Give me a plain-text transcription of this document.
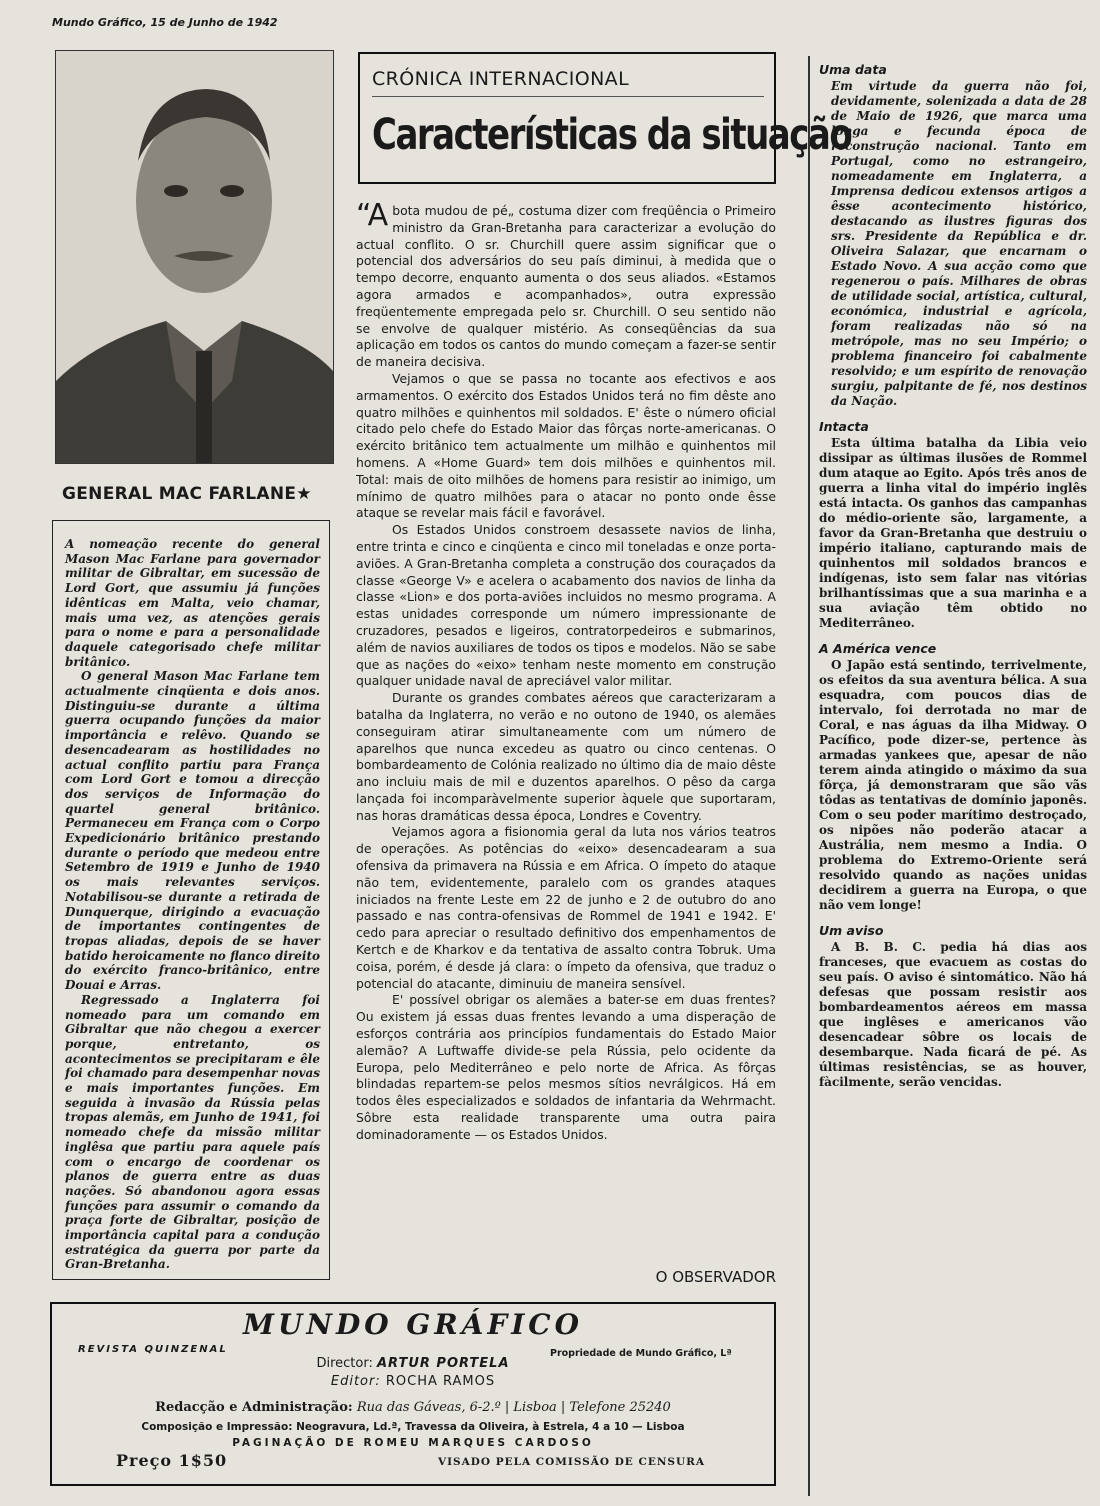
Mundo Gráfico, 15 de Junho de 1942
GENERAL MAC FARLANE★

A nomeação recente do general Mason Mac Farlane para governador militar de Gibraltar, em sucessão de Lord Gort, que assumiu já funções idênticas em Malta, veio chamar, mais uma vez, as atenções gerais para o nome e para a personalidade daquele categorisado chefe militar britânico.

O general Mason Mac Farlane tem actualmente cinqüenta e dois anos. Distinguiu-se durante a última guerra ocupando funções da maior importância e relêvo. Quando se desencadearam as hostilidades no actual conflito partiu para França com Lord Gort e tomou a direcção dos serviços de Informação do quartel general britânico. Permaneceu em França com o Corpo Expedicionário britânico prestando durante o período que medeou entre Setembro de 1919 e Junho de 1940 os mais relevantes serviços. Notabilisou-se durante a retirada de Dunquerque, dirigindo a evacuação de importantes contingentes de tropas aliadas, depois de se haver batido heroicamente no flanco direito do exército franco-britânico, entre Douai e Arras.

Regressado a Inglaterra foi nomeado para um comando em Gibraltar que não chegou a exercer porque, entretanto, os acontecimentos se precipitaram e êle foi chamado para desempenhar novas e mais importantes funções. Em seguida à invasão da Rússia pelas tropas alemãs, em Junho de 1941, foi nomeado chefe da missão militar inglêsa que partiu para aquele país com o encargo de coordenar os planos de guerra entre as duas nações. Só abandonou agora essas funções para assumir o comando da praça forte de Gibraltar, posição de importância capital para a condução estratégica da guerra por parte da Gran-Bretanha.

CRÓNICA INTERNACIONAL
Características da situação

“Abota mudou de pé„ costuma dizer com freqüência o Primeiro ministro da Gran-Bretanha para caracterizar a evolução do actual conflito. O sr. Churchill quere assim significar que o potencial dos adversários do seu país diminui, à medida que o tempo decorre, enquanto aumenta o dos seus aliados. «Estamos agora armados e acompanhados», outra expressão freqüentemente empregada pelo sr. Churchill. O seu sentido não se envolve de qualquer mistério. As conseqüências da sua aplicação em todos os cantos do mundo começam a fazer-se sentir de maneira decisiva.

Vejamos o que se passa no tocante aos efectivos e aos armamentos. O exército dos Estados Unidos terá no fim dêste ano quatro milhões e quinhentos mil soldados. E' êste o número oficial citado pelo chefe do Estado Maior das fôrças norte-americanas. O exército britânico tem actualmente um milhão e quinhentos mil homens. A «Home Guard» tem dois milhões e quinhentos mil. Total: mais de oito milhões de homens para resistir ao inimigo, um mínimo de quatro milhões para o atacar no ponto onde êsse ataque se revelar mais fácil e favorável.

Os Estados Unidos constroem desassete navios de linha, entre trinta e cinco e cinqüenta e cinco mil toneladas e onze porta-aviões. A Gran-Bretanha completa a construção dos couraçados da classe «George V» e acelera o acabamento dos navios de linha da classe «Lion» e dos porta-aviões incluidos no mesmo programa. A estas unidades corresponde um número impressionante de cruzadores, pesados e ligeiros, contratorpedeiros e submarinos, além de navios auxiliares de todos os tipos e modelos. Não se sabe que as nações do «eixo» tenham neste momento em construção qualquer unidade naval de apreciável valor militar.

Durante os grandes combates aéreos que caracterizaram a batalha da Inglaterra, no verão e no outono de 1940, os alemães conseguiram atirar simultaneamente com um número de aparelhos que nunca excedeu as quatro ou cinco centenas. O bombardeamento de Colónia realizado no último dia de maio dêste ano incluiu mais de mil e duzentos aparelhos. O pêso da carga lançada foi incomparàvelmente superior àquele que suportaram, nas horas dramáticas dessa época, Londres e Coventry.

Vejamos agora a fisionomia geral da luta nos vários teatros de operações. As potências do «eixo» desencadearam a sua ofensiva da primavera na Rússia e em Africa. O ímpeto do ataque não tem, evidentemente, paralelo com os grandes ataques iniciados na frente Leste em 22 de junho e 2 de outubro do ano passado e nas contra-ofensivas de Rommel de 1941 e 1942. E' cedo para apreciar o resultado definitivo dos empenhamentos de Kertch e de Kharkov e da tentativa de assalto contra Tobruk. Uma coisa, porém, é desde já clara: o ímpeto da ofensiva, que traduz o potencial do atacante, diminuiu de maneira sensível.

E' possível obrigar os alemães a bater-se em duas frentes? Ou existem já essas duas frentes levando a uma disperação de esforços contrária aos princípios fundamentais do Estado Maior alemão? A Luftwaffe divide-se pela Rússia, pelo ocidente da Europa, pelo Mediterrâneo e pelo norte de Africa. As fôrças blindadas repartem-se pelos mesmos sítios nevrálgicos. Há em todos êles especializados e soldados de infantaria da Wehrmacht. Sôbre esta realidade transparente uma outra paira dominadoramente — os Estados Unidos.

O OBSERVADOR
Uma data

Em virtude da guerra não foi, devidamente, solenizada a data de 28 de Maio de 1926, que marca uma longa e fecunda época de reconstrução nacional. Tanto em Portugal, como no estrangeiro, nomeadamente em Inglaterra, a Imprensa dedicou extensos artigos a êsse acontecimento histórico, destacando as ilustres figuras dos srs. Presidente da República e dr. Oliveira Salazar, que encarnam o Estado Novo. A sua acção como que regenerou o país. Milhares de obras de utilidade social, artística, cultural, económica, industrial e agrícola, foram realizadas não só na metrópole, mas no seu Império; o problema financeiro foi cabalmente resolvido; e um espírito de renovação surgiu, palpitante de fé, nos destinos da Nação.

Intacta

Esta última batalha da Libia veio dissipar as últimas ilusões de Rommel dum ataque ao Egito. Após três anos de guerra a linha vital do império inglês está intacta. Os ganhos das campanhas do médio-oriente são, largamente, a favor da Gran-Bretanha que destruiu o império italiano, capturando mais de quinhentos mil soldados brancos e indígenas, isto sem falar nas vitórias brilhantíssimas que a sua marinha e a sua aviação têm obtido no Mediterrâneo.

A América vence

O Japão está sentindo, terrivelmente, os efeitos da sua aventura bélica. A sua esquadra, com poucos dias de intervalo, foi derrotada no mar de Coral, e nas águas da ilha Midway. O Pacífico, pode dizer-se, pertence às armadas yankees que, apesar de não terem ainda atingido o máximo da sua fôrça, já demonstraram que são vãs tôdas as tentativas de domínio japonês. Com o seu poder marítimo destroçado, os nipões não poderão atacar a Austrália, nem mesmo a India. O problema do Extremo-Oriente será resolvido quando as nações unidas decidirem a guerra na Europa, o que não vem longe!

Um aviso

A B. B. C. pedia há dias aos franceses, que evacuem as costas do seu país. O aviso é sintomático. Não há defesas que possam resistir aos bombardeamentos aéreos em massa que inglêses e americanos vão desencadear sôbre os locais de desembarque. Nada ficará de pé. As últimas resistências, se as houver, fàcilmente, serão vencidas.

MUNDO GRÁFICO
REVISTA QUINZENAL	Propriedade de Mundo Gráfico, Lª
Director: ARTUR PORTELA
Editor: ROCHA RAMOS
Redacção e Administração: Rua das Gáveas, 6-2.º | Lisboa | Telefone 25240
Composição e Impressão: Neogravura, Ld.ª, Travessa da Oliveira, à Estrela, 4 a 10 — Lisboa
PAGINAÇÃO DE ROMEU MARQUES CARDOSO
Preço 1$50	VISADO PELA COMISSÃO DE CENSURA
